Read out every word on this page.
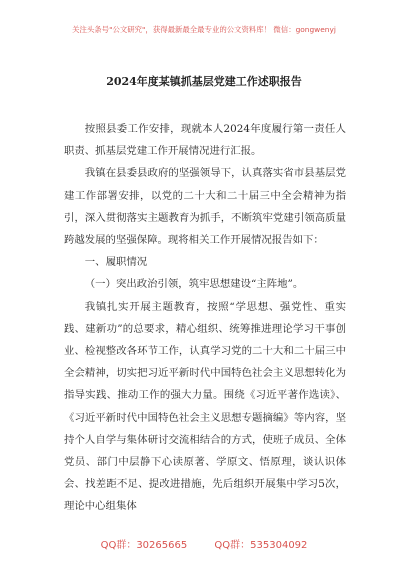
关注头条号"公文研究"，获得最新最全最专业的公文资料库！ 微信：gongwenyj
2024年度某镇抓基层党建工作述职报告

按照县委工作安排，现就本人2024年度履行第一责任人职责、抓基层党建工作开展情况进行汇报。

我镇在县委县政府的坚强领导下，认真落实省市县基层党建工作部署安排，以党的二十大和二十届三中全会精神为指引，深入贯彻落实主题教育为抓手，不断筑牢党建引领高质量跨越发展的坚强保障。现将相关工作开展情况报告如下：

一、履职情况

（一）突出政治引领，筑牢思想建设“主阵地”。

我镇扎实开展主题教育，按照“学思想、强党性、重实践、建新功”的总要求，精心组织、统筹推进理论学习干事创业、检视整改各环节工作，认真学习党的二十大和二十届三中全会精神，切实把习近平新时代中国特色社会主义思想转化为指导实践、推动工作的强大力量。围绕《习近平著作选读》、《习近平新时代中国特色社会主义思想专题摘编》等内容，坚持个人自学与集体研讨交流相结合的方式，使班子成员、全体党员、部门中层静下心读原著、学原文、悟原理，谈认识体会、找差距不足、提改进措施，先后组织开展集中学习5次，理论中心组集体

QQ群：30265665	QQ群：535304092
